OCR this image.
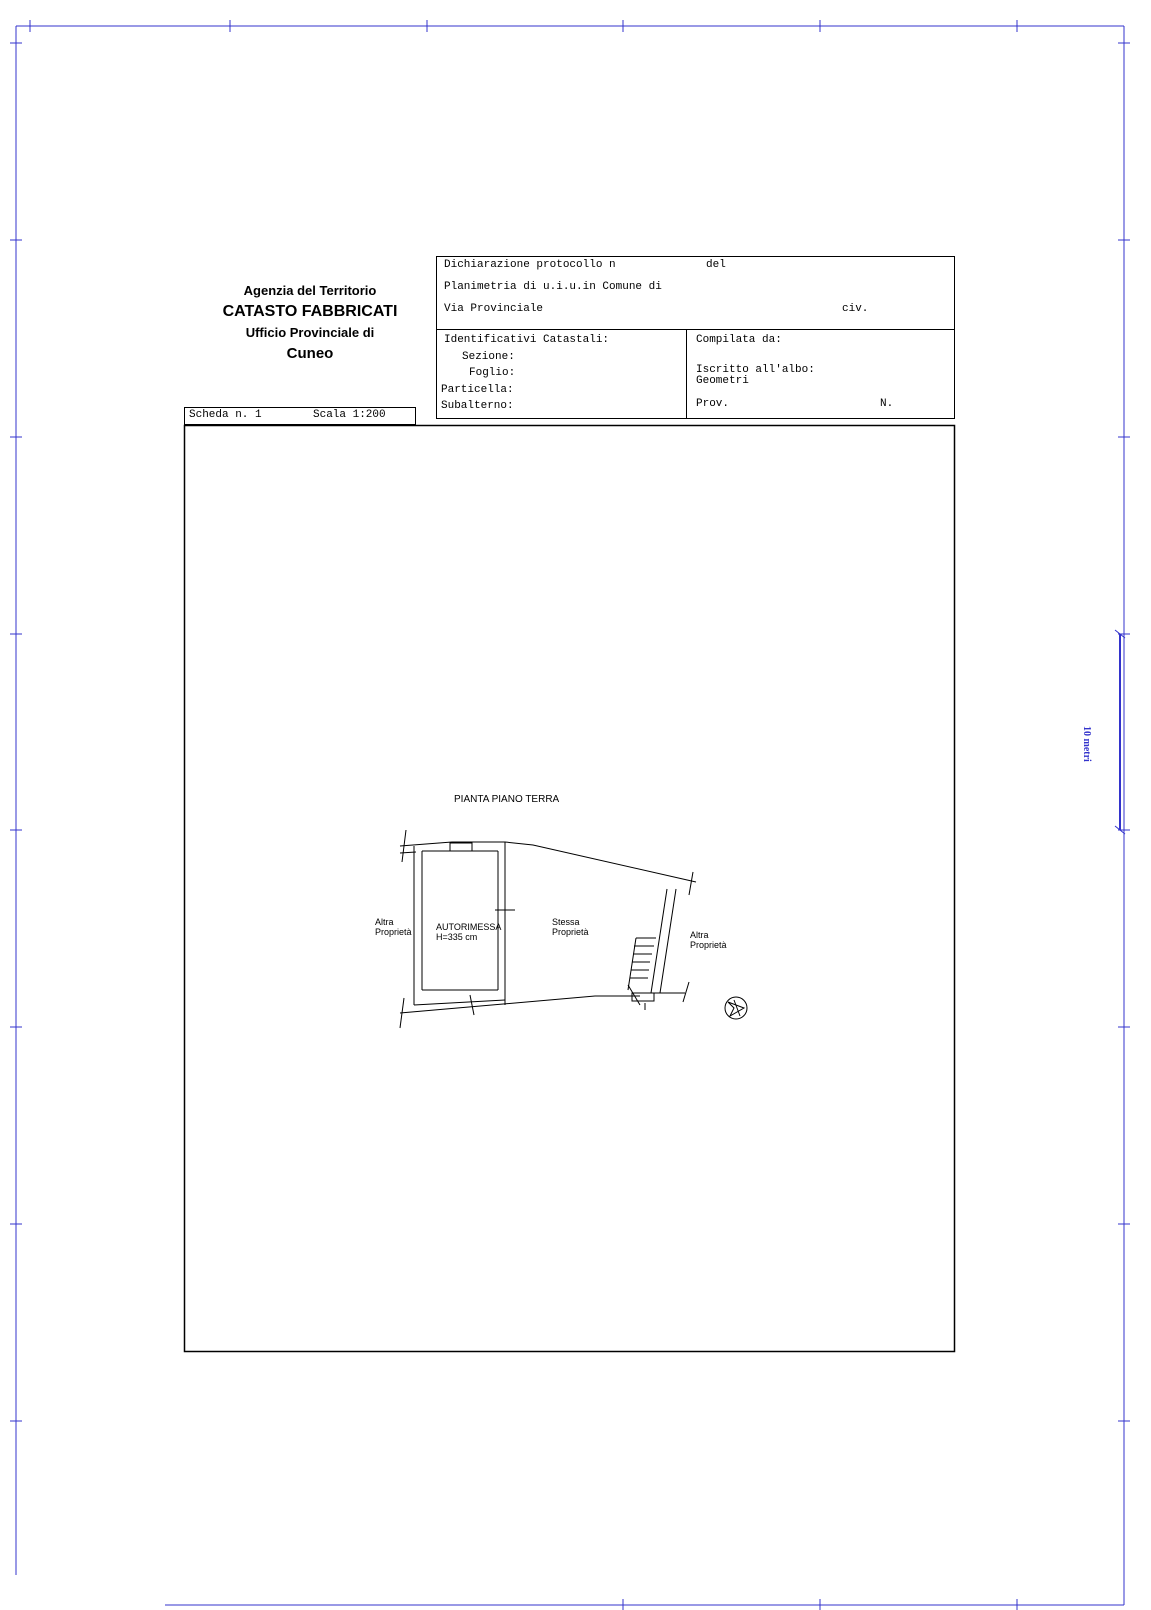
10 metri
Agenzia del Territorio
CATASTO FABBRICATI
Ufficio Provinciale di
Cuneo
Dichiarazione protocollo n	del
Planimetria di u.i.u.in Comune di
Via Provinciale	civ.
Identificativi Catastali:
Sezione:
Foglio:
Particella:
Subalterno:
Compilata da:
Iscritto all'albo:
Geometri
Prov.	N.
Scheda n. 1	Scala 1:200
PIANTA PIANO TERRA
Altra
Proprietà	AUTORIMESSA
H=335 cm
Stessa
Proprietà	Altra
Proprietà
